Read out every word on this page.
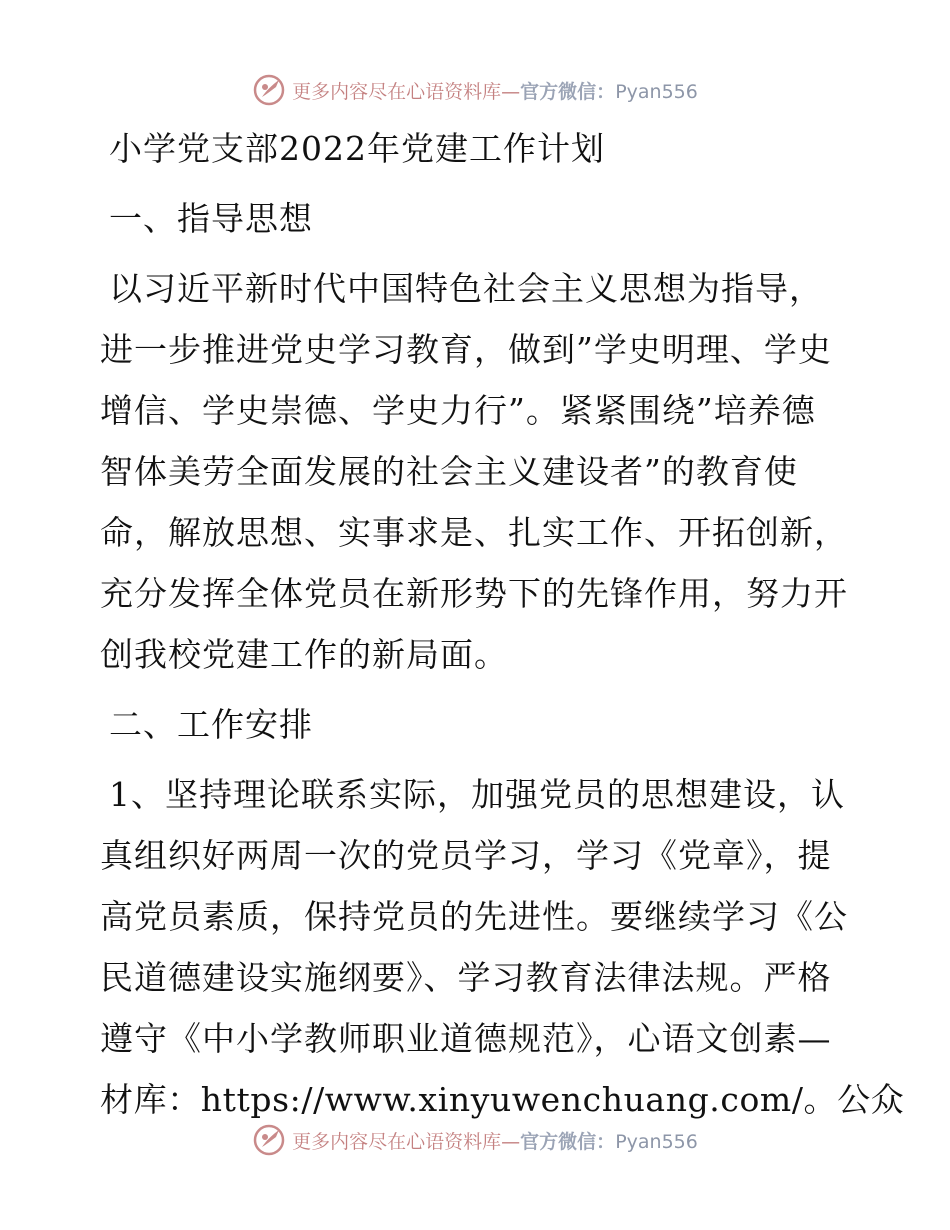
更多内容尽在心语资料库—官方微信：Pyan556
小学党支部2022年党建工作计划
一、指导思想
以习近平新时代中国特色社会主义思想为指导，
进一步推进党史学习教育，做到”学史明理、学史
增信、学史崇德、学史力行”。紧紧围绕”培养德
智体美劳全面发展的社会主义建设者”的教育使
命，解放思想、实事求是、扎实工作、开拓创新，
充分发挥全体党员在新形势下的先锋作用，努力开
创我校党建工作的新局面。
二、工作安排
1、坚持理论联系实际，加强党员的思想建设，认
真组织好两周一次的党员学习，学习《党章》，提
高党员素质，保持党员的先进性。要继续学习《公
民道德建设实施纲要》、学习教育法律法规。严格
遵守《中小学教师职业道德规范》，心语文创素—
材库：https://www.xinyuwenchuang.com/。公众
更多内容尽在心语资料库—官方微信：Pyan556
